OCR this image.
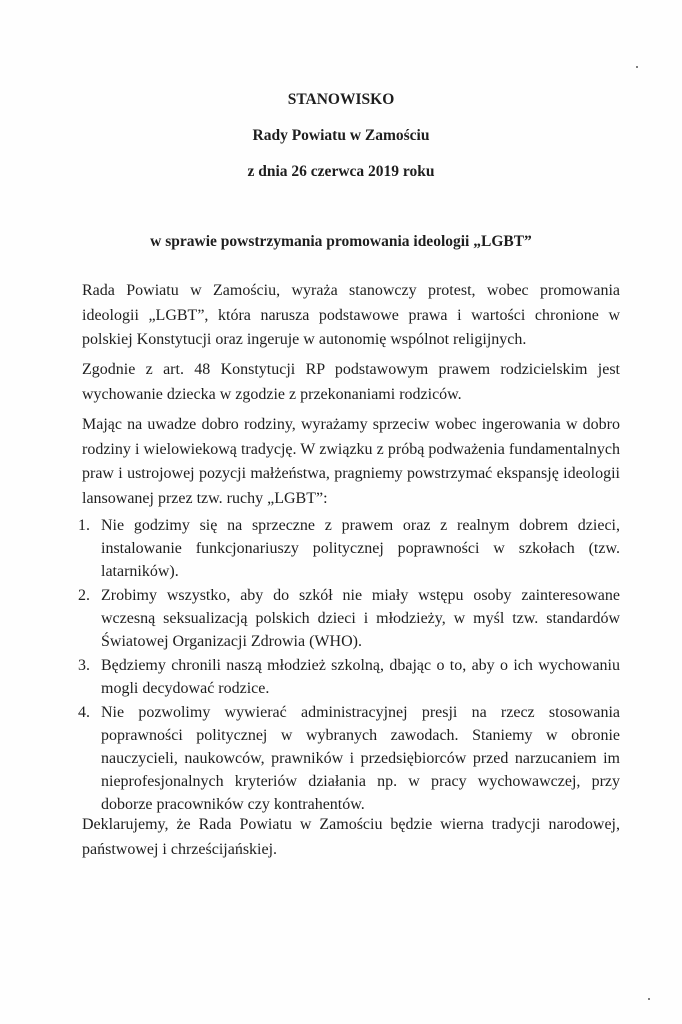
STANOWISKO
Rady Powiatu w Zamościu
z dnia 26 czerwca 2019 roku
w sprawie powstrzymania promowania ideologii „LGBT”

Rada Powiatu w Zamościu, wyraża stanowczy protest, wobec promowania ideologii „LGBT”, która narusza podstawowe prawa i wartości chronione w polskiej Konstytucji oraz ingeruje w autonomię wspólnot religijnych.

Zgodnie z art. 48 Konstytucji RP podstawowym prawem rodzicielskim jest wychowanie dziecka w zgodzie z przekonaniami rodziców.

Mając na uwadze dobro rodziny, wyrażamy sprzeciw wobec ingerowania w dobro rodziny i wielowiekową tradycję. W związku z próbą podważenia fundamentalnych praw i ustrojowej pozycji małżeństwa, pragniemy powstrzymać ekspansję ideologii lansowanej przez tzw. ruchy „LGBT”:

1. Nie godzimy się na sprzeczne z prawem oraz z realnym dobrem dzieci, instalowanie funkcjonariuszy politycznej poprawności w szkołach (tzw. latarników).
2. Zrobimy wszystko, aby do szkół nie miały wstępu osoby zainteresowane wczesną seksualizacją polskich dzieci i młodzieży, w myśl tzw. standardów Światowej Organizacji Zdrowia (WHO).
3. Będziemy chronili naszą młodzież szkolną, dbając o to, aby o ich wychowaniu mogli decydować rodzice.
4. Nie pozwolimy wywierać administracyjnej presji na rzecz stosowania poprawności politycznej w wybranych zawodach. Staniemy w obronie nauczycieli, naukowców, prawników i przedsiębiorców przed narzucaniem im nieprofesjonalnych kryteriów działania np. w pracy wychowawczej, przy doborze pracowników czy kontrahentów.

Deklarujemy, że Rada Powiatu w Zamościu będzie wierna tradycji narodowej, państwowej i chrześcijańskiej.
